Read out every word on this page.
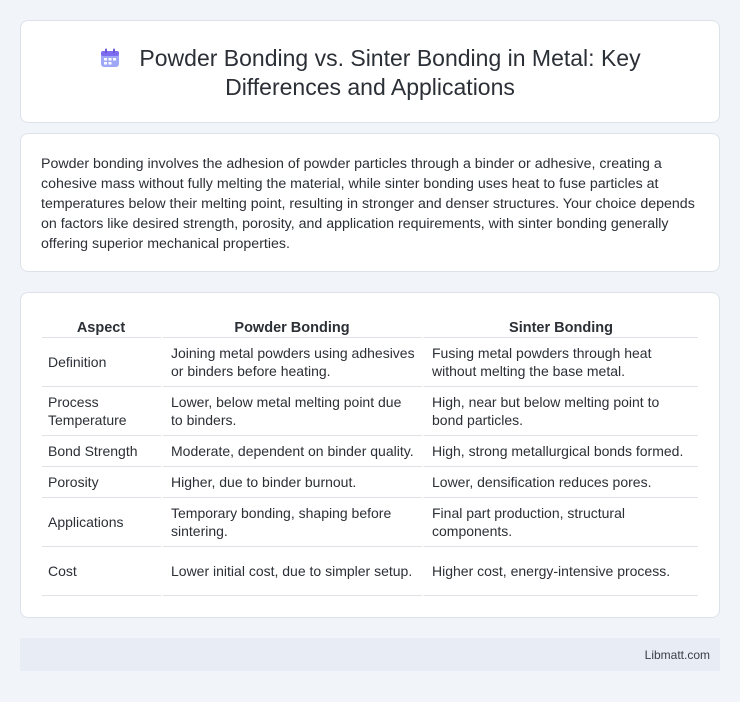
Powder Bonding vs. Sinter Bonding in Metal: Key Differences and Applications

Powder bonding involves the adhesion of powder particles through a binder or adhesive, creating a cohesive mass without fully melting the material, while sinter bonding uses heat to fuse particles at temperatures below their melting point, resulting in stronger and denser structures. Your choice depends on factors like desired strength, porosity, and application requirements, with sinter bonding generally offering superior mechanical properties.

Aspect	Powder Bonding	Sinter Bonding
Definition	Joining metal powders using adhesives or binders before heating.	Fusing metal powders through heat without melting the base metal.
Process Temperature	Lower, below metal melting point due to binders.	High, near but below melting point to bond particles.
Bond Strength	Moderate, dependent on binder quality.	High, strong metallurgical bonds formed.
Porosity	Higher, due to binder burnout.	Lower, densification reduces pores.
Applications	Temporary bonding, shaping before sintering.	Final part production, structural components.
Cost	Lower initial cost, due to simpler setup.	Higher cost, energy-intensive process.
Libmatt.com
